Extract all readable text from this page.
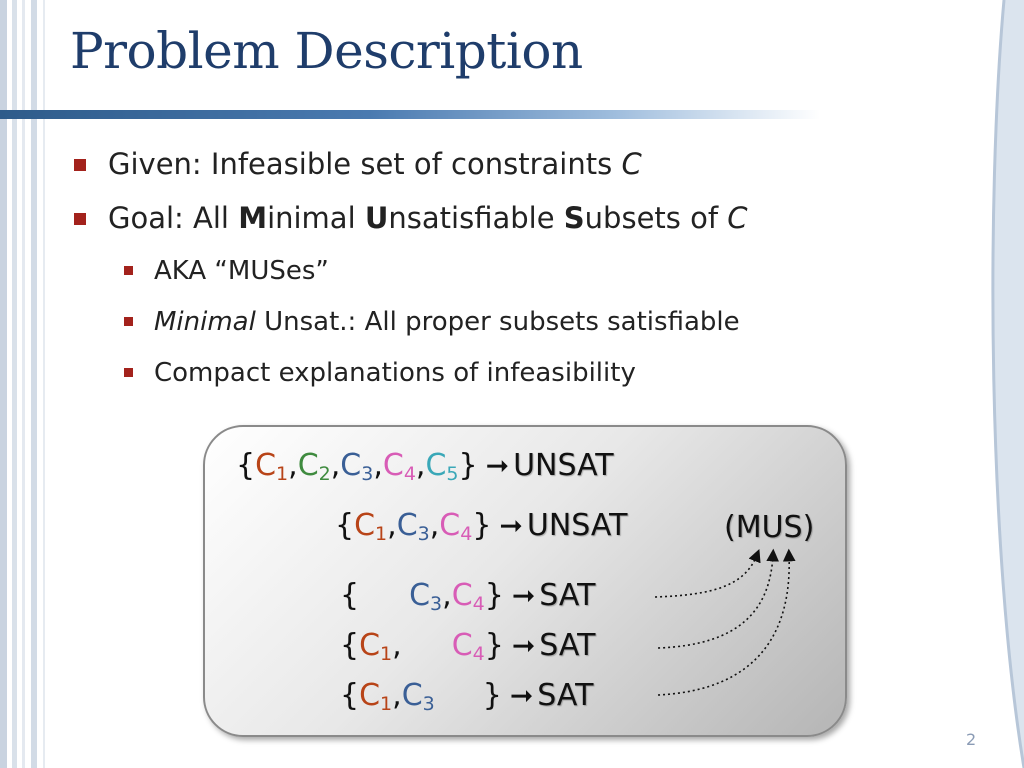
Problem Description
Given: Infeasible set of constraints C
Goal: All Minimal Unsatisfiable Subsets of C
AKA “MUSes”
Minimal Unsat.: All proper subsets satisfiable
Compact explanations of infeasibility
$\{C_1,C_2,C_3,C_4,C_5\}$ ➞ UNSAT
$\{C_1,C_3,C_4\}$ ➞ UNSAT	(MUS)
{ $C_3,C_4$} ➞ SAT
{$C_1$, $C_4$} ➞ SAT
{$C_1,C_3$ } ➞ SAT
2
